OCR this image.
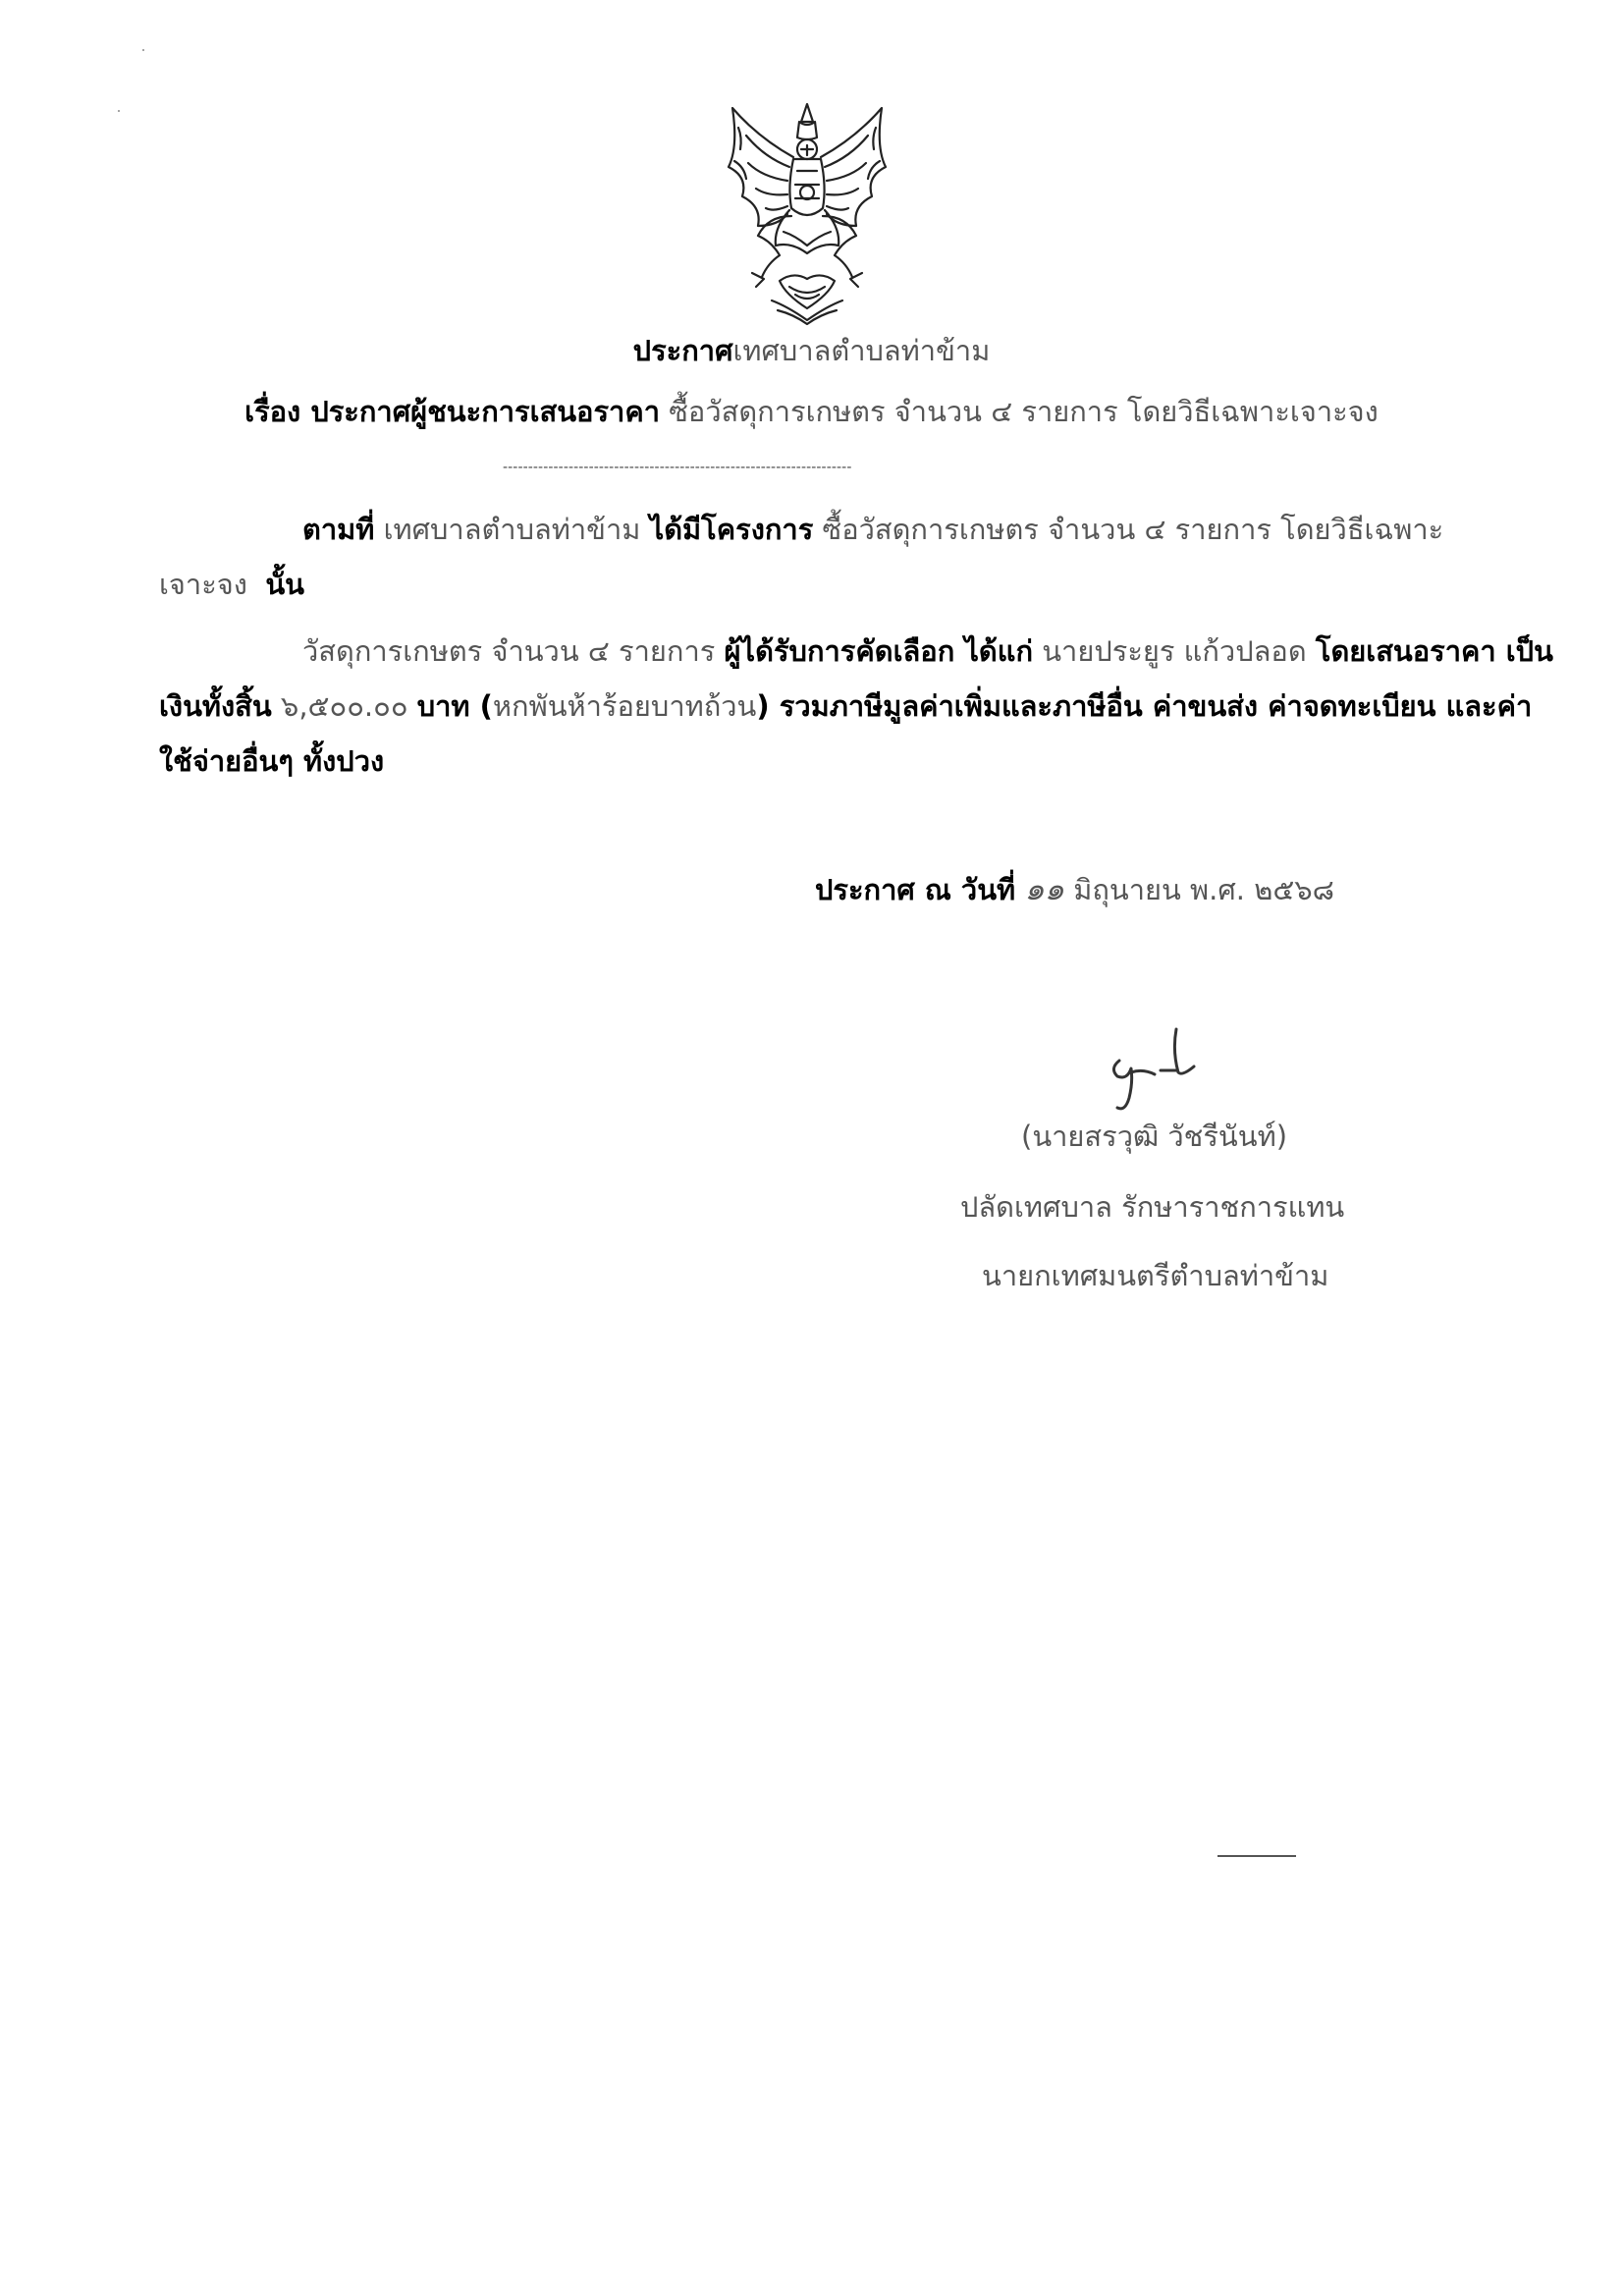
ประกาศเทศบาลตำบลท่าข้าม
เรื่อง ประกาศผู้ชนะการเสนอราคา ซื้อวัสดุการเกษตร จำนวน ๔ รายการ โดยวิธีเฉพาะเจาะจง
---------------------------------------------------------------------
ตามที่ เทศบาลตำบลท่าข้าม ได้มีโครงการ ซื้อวัสดุการเกษตร จำนวน ๔ รายการ โดยวิธีเฉพาะ
เจาะจง นั้น
วัสดุการเกษตร จำนวน ๔ รายการ ผู้ได้รับการคัดเลือก ได้แก่ นายประยูร แก้วปลอด โดยเสนอราคา เป็น
เงินทั้งสิ้น ๖,๕๐๐.๐๐ บาท (หกพันห้าร้อยบาทถ้วน) รวมภาษีมูลค่าเพิ่มและภาษีอื่น ค่าขนส่ง ค่าจดทะเบียน และค่า
ใช้จ่ายอื่นๆ ทั้งปวง
ประกาศ ณ วันที่ ๑๑ มิถุนายน พ.ศ. ๒๕๖๘
(นายสรวุฒิ วัชรีนันท์)
ปลัดเทศบาล รักษาราชการแทน
นายกเทศมนตรีตำบลท่าข้าม
